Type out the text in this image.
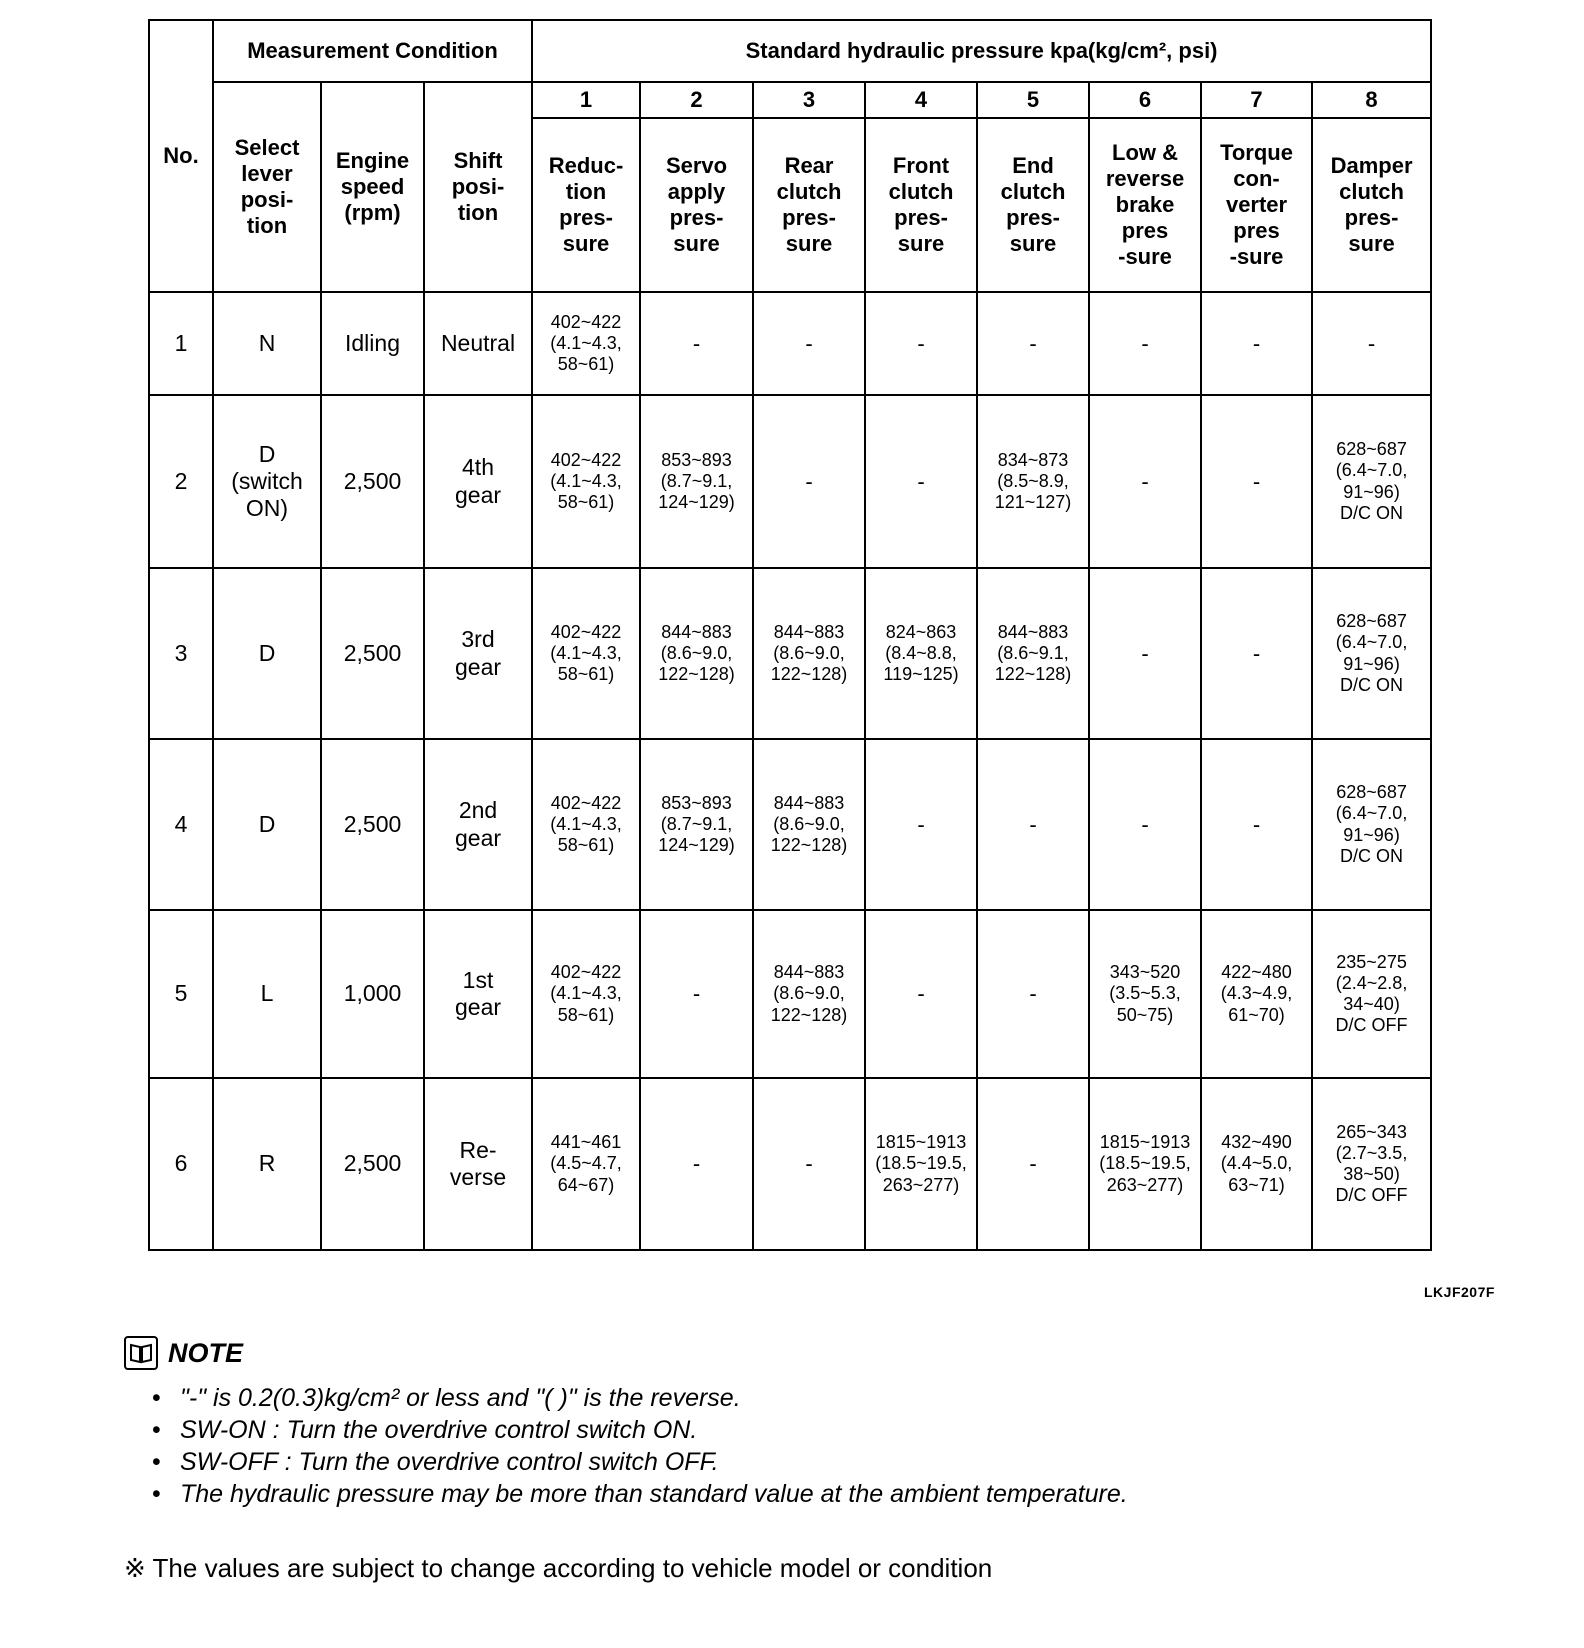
No.	Measurement Condition			Standard hydraulic pressure kpa(kg/cm², psi)							
	Select
lever
posi-
tion	Engine
speed
(rpm)	Shift
posi-
tion	1	2	3	4	5	6	7	8
				Reduc-
tion
pres-
sure	Servo
apply
pres-
sure	Rear
clutch
pres-
sure	Front
clutch
pres-
sure	End
clutch
pres-
sure	Low &
reverse
brake
pres
-sure	Torque
con-
verter
pres
-sure	Damper
clutch
pres-
sure
1	N	Idling	Neutral	402~422
(4.1~4.3,
58~61)	-	-	-	-	-	-	-
2	D
(switch
ON)	2,500	4th
gear	402~422
(4.1~4.3,
58~61)	853~893
(8.7~9.1,
124~129)	-	-	834~873
(8.5~8.9,
121~127)	-	-	628~687
(6.4~7.0,
91~96)
D/C ON
3	D	2,500	3rd
gear	402~422
(4.1~4.3,
58~61)	844~883
(8.6~9.0,
122~128)	844~883
(8.6~9.0,
122~128)	824~863
(8.4~8.8,
119~125)	844~883
(8.6~9.1,
122~128)	-	-	628~687
(6.4~7.0,
91~96)
D/C ON
4	D	2,500	2nd
gear	402~422
(4.1~4.3,
58~61)	853~893
(8.7~9.1,
124~129)	844~883
(8.6~9.0,
122~128)	-	-	-	-	628~687
(6.4~7.0,
91~96)
D/C ON
5	L	1,000	1st
gear	402~422
(4.1~4.3,
58~61)	-	844~883
(8.6~9.0,
122~128)	-	-	343~520
(3.5~5.3,
50~75)	422~480
(4.3~4.9,
61~70)	235~275
(2.4~2.8,
34~40)
D/C OFF
6	R	2,500	Re-
verse	441~461
(4.5~4.7,
64~67)	-	-	1815~1913
(18.5~19.5,
263~277)	-	1815~1913
(18.5~19.5,
263~277)	432~490
(4.4~5.0,
63~71)	265~343
(2.7~3.5,
38~50)
D/C OFF
LKJF207F
NOTE
• "-" is 0.2(0.3)kg/cm² or less and "( )" is the reverse.
• SW-ON : Turn the overdrive control switch ON.
• SW-OFF : Turn the overdrive control switch OFF.
• The hydraulic pressure may be more than standard value at the ambient temperature.
※ The values are subject to change according to vehicle model or condition
